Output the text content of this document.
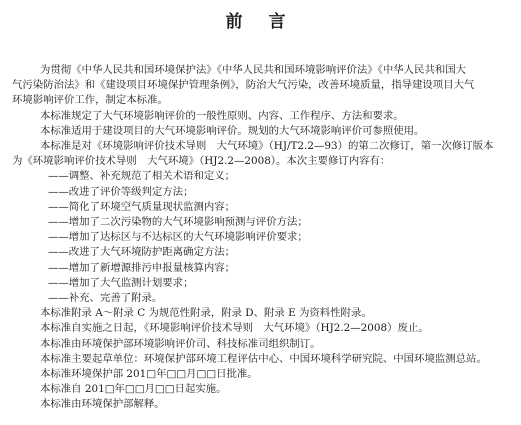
前 言

为贯彻《中华人民共和国环境保护法》《中华人民共和国环境影响评价法》《中华人民共和国大

气污染防治法》和《建设项目环境保护管理条例》，防治大气污染，改善环境质量，指导建设项目大气

环境影响评价工作，制定本标准。

本标准规定了大气环境影响评价的一般性原则、内容、工作程序、方法和要求。

本标准适用于建设项目的大气环境影响评价。规划的大气环境影响评价可参照使用。

本标准是对《环境影响评价技术导则　大气环境》（HJ/T2.2—93）的第二次修订，第一次修订版本

为《环境影响评价技术导则　大气环境》（HJ2.2—2008）。本次主要修订内容有：

——调整、补充规范了相关术语和定义；

——改进了评价等级判定方法；

——简化了环境空气质量现状监测内容；

——增加了二次污染物的大气环境影响预测与评价方法；

——增加了达标区与不达标区的大气环境影响评价要求；

——改进了大气环境防护距离确定方法；

——增加了新增源排污申报量核算内容；

——增加了大气监测计划要求；

——补充、完善了附录。

本标准附录 A～附录 C 为规范性附录，附录 D、附录 E 为资料性附录。

本标准自实施之日起，《环境影响评价技术导则　大气环境》（HJ2.2—2008）废止。

本标准由环境保护部环境影响评价司、科技标准司组织制订。

本标准主要起草单位：环境保护部环境工程评估中心、中国环境科学研究院、中国环境监测总站。

本标准环境保护部 201□年□□月□□日批准。

本标准自 201□年□□月□□日起实施。

本标准由环境保护部解释。
